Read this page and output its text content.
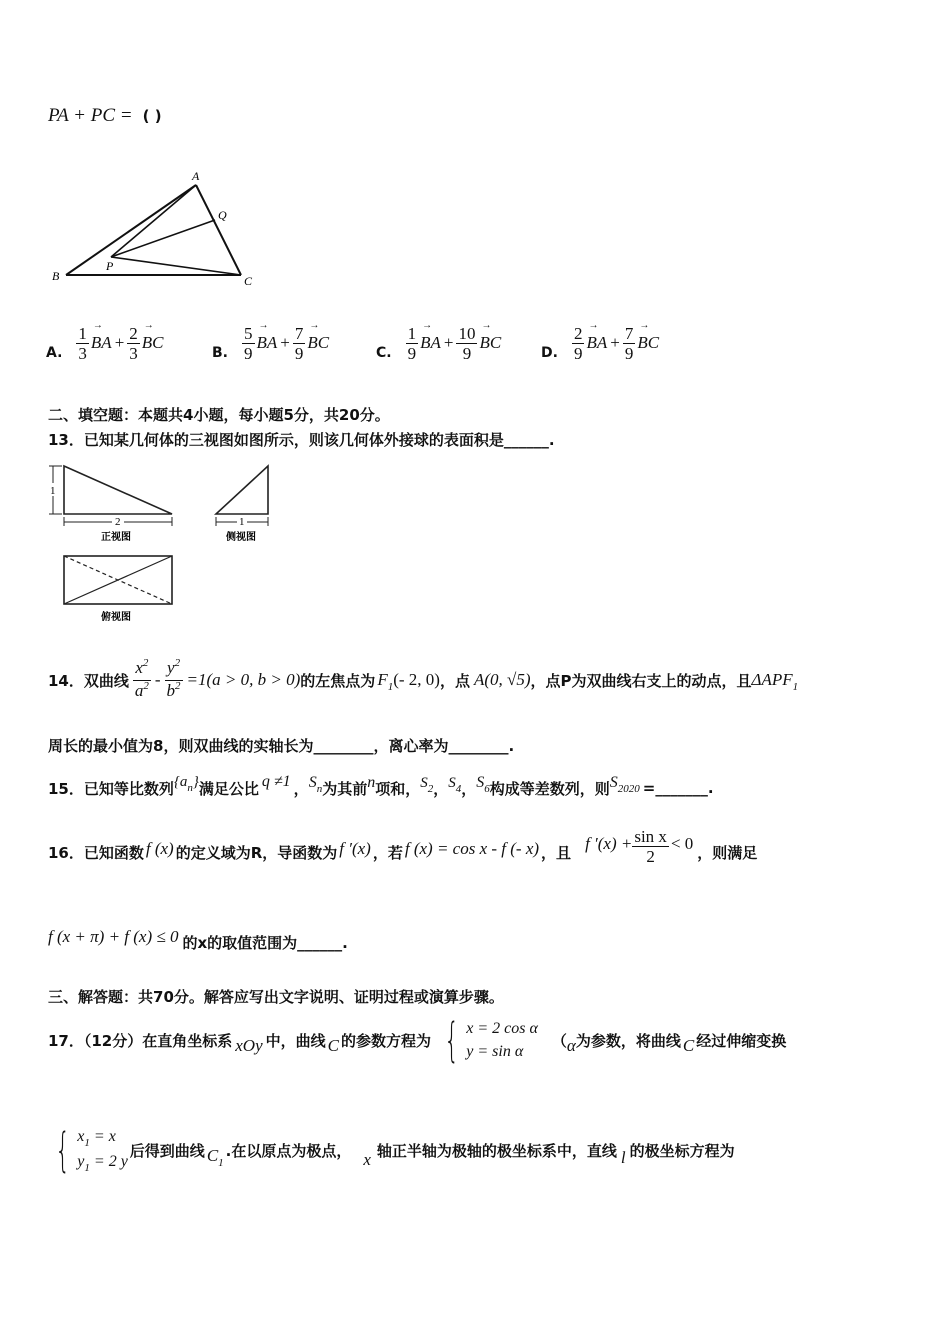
PA + PC = ( )
A
Q
B
P
C
A. $\frac{1}{3}$ → BA + $\frac{2}{3}$ → BC
B. $\frac{5}{9}$ → BA + $\frac{7}{9}$ → BC
C. $\frac{1}{9}$ → BA + $\frac{10}{9}$ → BC
D. $\frac{2}{9}$ → BA + $\frac{7}{9}$ → BC
二、填空题：本题共4小题，每小题5分，共20分。
13．已知某几何体的三视图如图所示，则该几何体外接球的表面积是______.
1
2
正视图
1
侧视图
俯视图
14．双曲线 $\frac{x^2}{a^2} - \frac{y^2}{b^2} =1(a > 0$, b > 0) 的左焦点为 $F_1$ (- 2, 0) ，点 A(0, √5) ，点P为双曲线右支上的动点，且 $\Delta APF_1$
周长的最小值为8，则双曲线的实轴长为________，离心率为________.
15．已知等比数列 $\{a_n\}$ 满足公比 q ≠1 ， $S_n$ 为其前 n 项和， $S_2$ ， $S_4$ ， $S_6$ 构成等差数列，则 $S_{2020}$ =_______.
16．已知函数 f (x) 的定义域为R，导函数为 f ′(x) ，若 f (x) = cos x - f (- x) ，且 f $'(x) + \frac{\text{sin x}}{2} < 0$ ，则满足
f (x + π) + f (x) ≤ 0 的x的取值范围为______.
三、解答题：共70分。解答应写出文字说明、证明过程或演算步骤。
17．（12分）在直角坐标系 xOy 中，曲线 C 的参数方程为 { x = 2 cos α
y = sin α
（ α 为参数，将曲线 C 经过伸缩变换
{ $x_1 = x$
$y_1 = 2$ y
后得到曲线 $C_1$
.在以原点为极点， x 轴正半轴为极轴的极坐标系中，直线 l 的极坐标方程为
